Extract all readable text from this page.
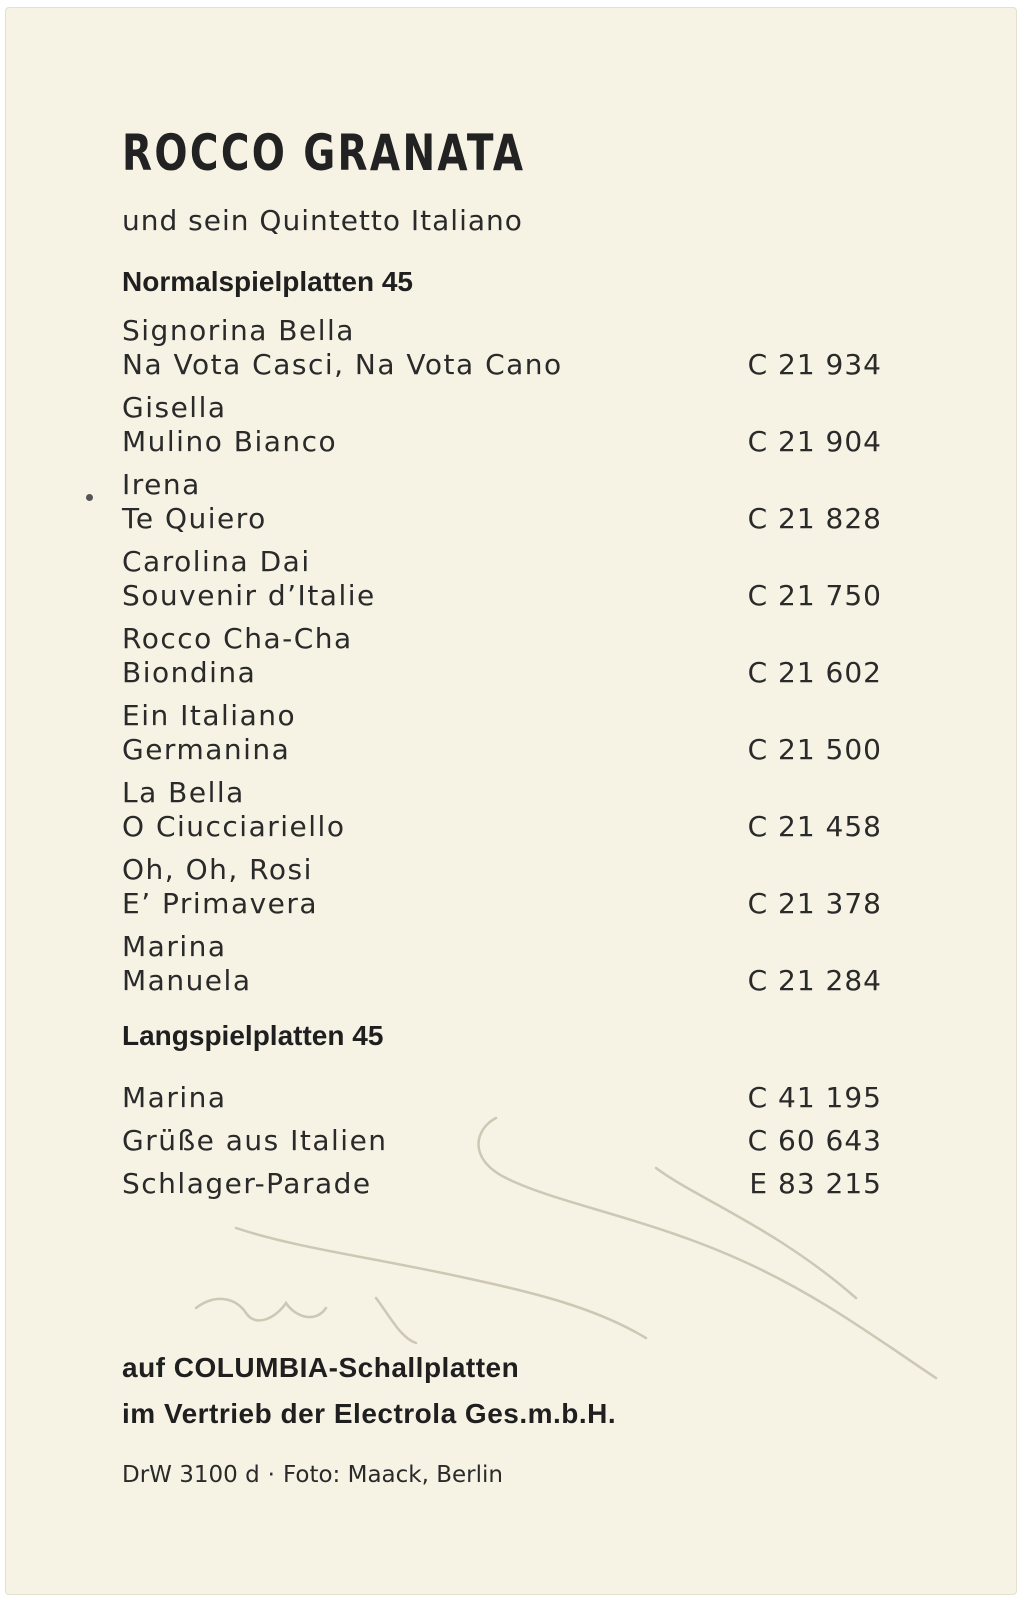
ROCCO GRANATA
und sein Quintetto Italiano
Normalspielplatten 45
Signorina Bella
Na Vota Casci, Na Vota Cano	C 21 934
Gisella
Mulino Bianco	C 21 904
Irena
Te Quiero	C 21 828
Carolina Dai
Souvenir d’Italie	C 21 750
Rocco Cha-Cha
Biondina	C 21 602
Ein Italiano
Germanina	C 21 500
La Bella
O Ciucciariello	C 21 458
Oh, Oh, Rosi
E’ Primavera	C 21 378
Marina
Manuela	C 21 284
Langspielplatten 45
Marina	C 41 195
Grüße aus Italien	C 60 643
Schlager-Parade	E 83 215
auf COLUMBIA-Schallplatten
im Vertrieb der Electrola Ges.m.b.H.
DrW 3100 d · Foto: Maack, Berlin
